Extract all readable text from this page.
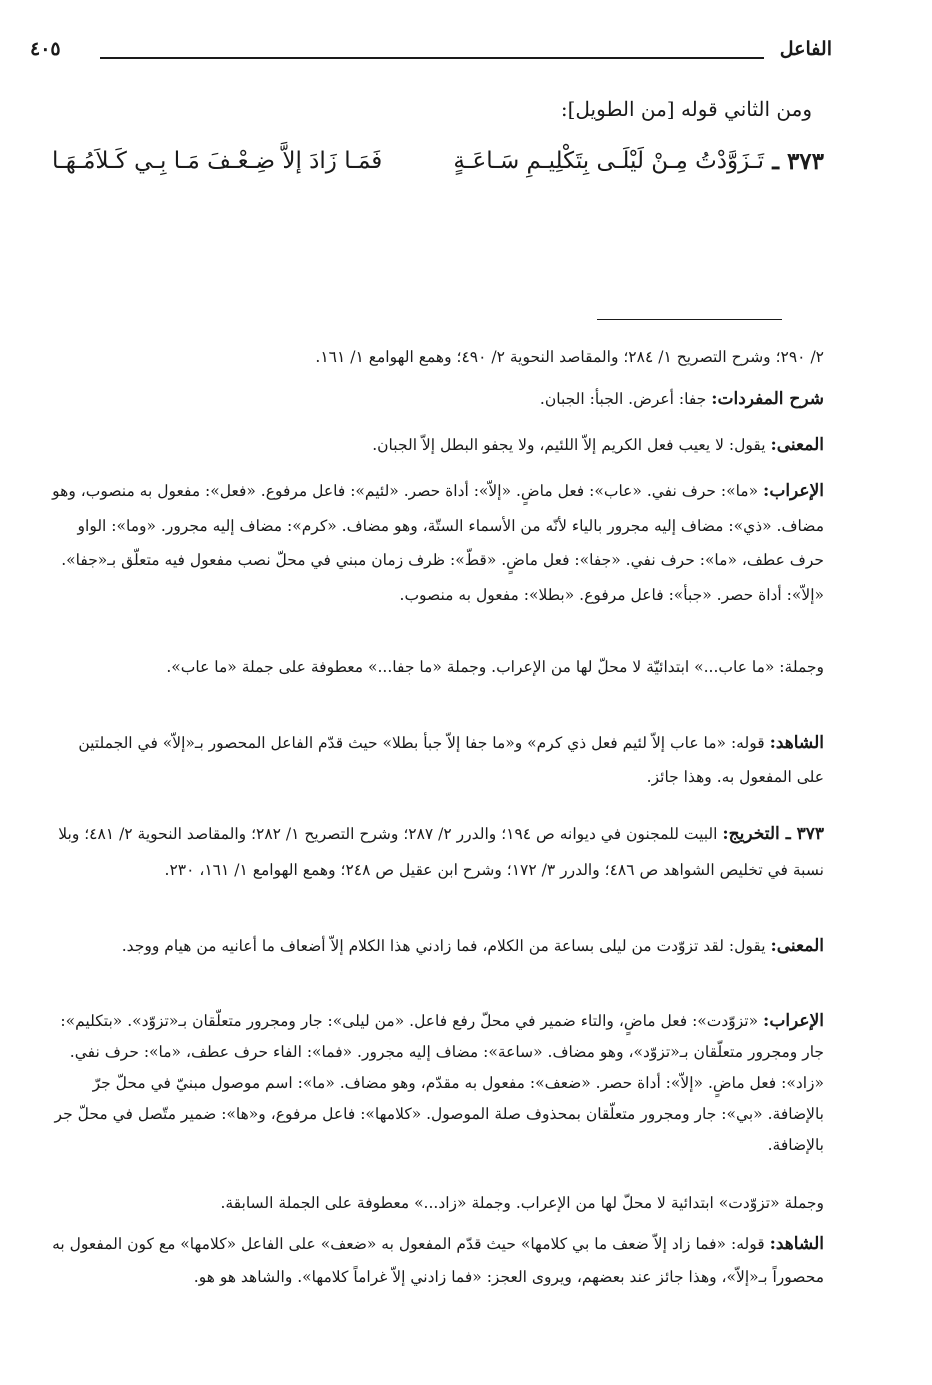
الفاعل
٤٠٥
ومن الثاني قوله [من الطويل]:
٣٧٣ ـ
تَـزَوَّدْتُ مِـنْ لَيْلَـى بِتَكْلِيـمِ سَـاعَـةٍ
فَمَـا زَادَ إلاَّ ضِـعْـفَ مَـا بِـي كَـلاَمُـهَـا
٢/ ٢٩٠؛ وشرح التصريح ١/ ٢٨٤؛ والمقاصد النحوية ٢/ ٤٩٠؛ وهمع الهوامع ١/ ١٦١.
شرح المفردات: جفا: أعرض. الجبأ: الجبان.
المعنى: يقول: لا يعيب فعل الكريم إلاّ اللئيم، ولا يجفو البطل إلاّ الجبان.
الإعراب: «ما»: حرف نفي. «عاب»: فعل ماضٍ. «إلاّ»: أداة حصر. «لئيم»: فاعل مرفوع. «فعل»: مفعول به منصوب، وهو مضاف. «ذي»: مضاف إليه مجرور بالياء لأنّه من الأسماء الستّة، وهو مضاف. «كرم»: مضاف إليه مجرور. «وما»: الواو حرف عطف، «ما»: حرف نفي. «جفا»: فعل ماضٍ. «قطّ»: ظرف زمان مبني في محلّ نصب مفعول فيه متعلّق بـ«جفا». «إلاّ»: أداة حصر. «جبأ»: فاعل مرفوع. «بطلا»: مفعول به منصوب.
وجملة: «ما عاب...» ابتدائيّة لا محلّ لها من الإعراب. وجملة «ما جفا...» معطوفة على جملة «ما عاب».
الشاهد: قوله: «ما عاب إلاّ لئيم فعل ذي كرم» و«ما جفا إلاّ جبأ بطلا» حيث قدّم الفاعل المحصور بـ«إلاّ» في الجملتين على المفعول به. وهذا جائز.
٣٧٣ ـ التخريج: البيت للمجنون في ديوانه ص ١٩٤؛ والدرر ٢/ ٢٨٧؛ وشرح التصريح ١/ ٢٨٢؛ والمقاصد النحوية ٢/ ٤٨١؛ وبلا نسبة في تخليص الشواهد ص ٤٨٦؛ والدرر ٣/ ١٧٢؛ وشرح ابن عقيل ص ٢٤٨؛ وهمع الهوامع ١/ ١٦١، ٢٣٠.
المعنى: يقول: لقد تزوّدت من ليلى بساعة من الكلام، فما زادني هذا الكلام إلاّ أضعاف ما أعانيه من هيام ووجد.
الإعراب: «تزوّدت»: فعل ماضٍ، والتاء ضمير في محلّ رفع فاعل. «من ليلى»: جار ومجرور متعلّقان بـ«تزوّد». «بتكليم»: جار ومجرور متعلّقان بـ«تزوّد»، وهو مضاف. «ساعة»: مضاف إليه مجرور. «فما»: الفاء حرف عطف، «ما»: حرف نفي. «زاد»: فعل ماضٍ. «إلاّ»: أداة حصر. «ضعف»: مفعول به مقدّم، وهو مضاف. «ما»: اسم موصول مبنيّ في محلّ جرّ بالإضافة. «بي»: جار ومجرور متعلّقان بمحذوف صلة الموصول. «كلامها»: فاعل مرفوع، و«ها»: ضمير متّصل في محلّ جر بالإضافة.
وجملة «تزوّدت» ابتدائية لا محلّ لها من الإعراب. وجملة «زاد...» معطوفة على الجملة السابقة.
الشاهد: قوله: «فما زاد إلاّ ضعف ما بي كلامها» حيث قدّم المفعول به «ضعف» على الفاعل «كلامها» مع كون المفعول به محصوراً بـ«إلاّ»، وهذا جائز عند بعضهم، ويروى العجز: «فما زادني إلاّ غراماً كلامها». والشاهد هو هو.
